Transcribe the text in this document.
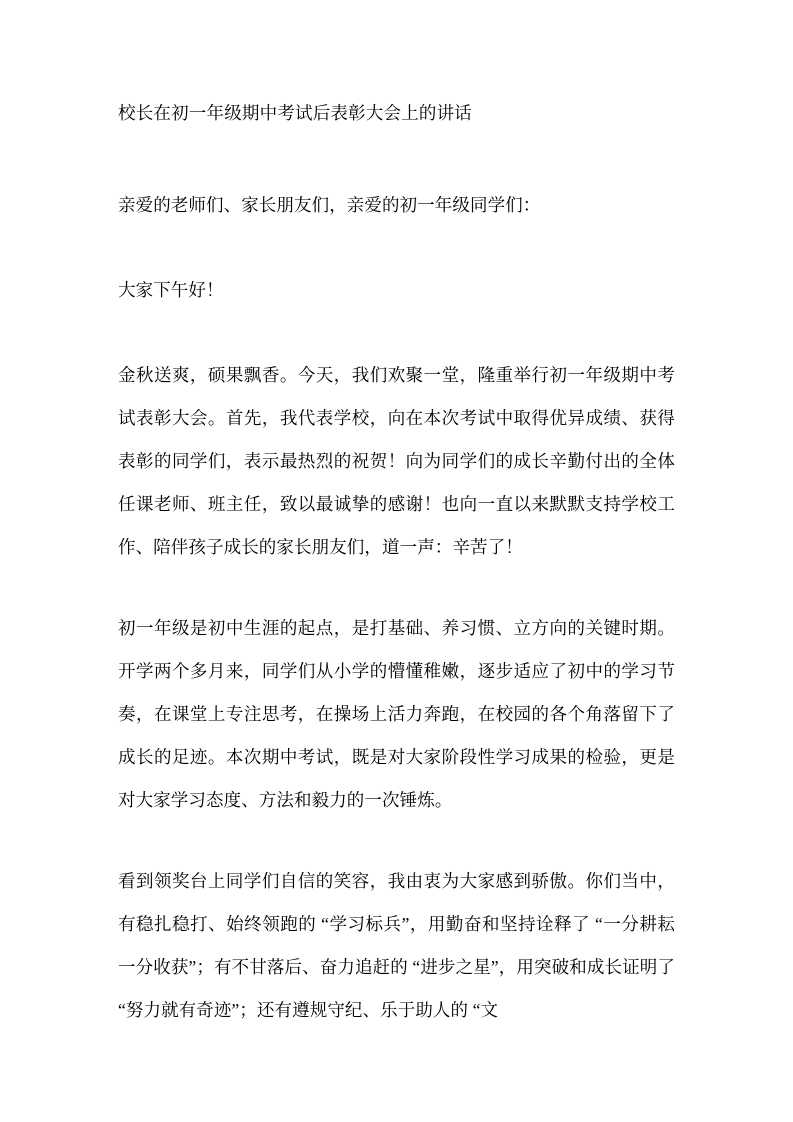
校长在初一年级期中考试后表彰大会上的讲话
亲爱的老师们、家长朋友们，亲爱的初一年级同学们：
大家下午好！
金秋送爽，硕果飘香。今天，我们欢聚一堂，隆重举行初一年级期中考试表彰大会。首先，我代表学校，向在本次考试中取得优异成绩、获得表彰的同学们，表示最热烈的祝贺！向为同学们的成长辛勤付出的全体任课老师、班主任，致以最诚挚的感谢！也向一直以来默默支持学校工作、陪伴孩子成长的家长朋友们，道一声：辛苦了！
初一年级是初中生涯的起点，是打基础、养习惯、立方向的关键时期。开学两个多月来，同学们从小学的懵懂稚嫩，逐步适应了初中的学习节奏，在课堂上专注思考，在操场上活力奔跑，在校园的各个角落留下了成长的足迹。本次期中考试，既是对大家阶段性学习成果的检验，更是对大家学习态度、方法和毅力的一次锤炼。
看到领奖台上同学们自信的笑容，我由衷为大家感到骄傲。你们当中，有稳扎稳打、始终领跑的 “学习标兵”，用勤奋和坚持诠释了 “一分耕耘一分收获”；有不甘落后、奋力追赶的 “进步之星”，用突破和成长证明了 “努力就有奇迹”；还有遵规守纪、乐于助人的 “文
